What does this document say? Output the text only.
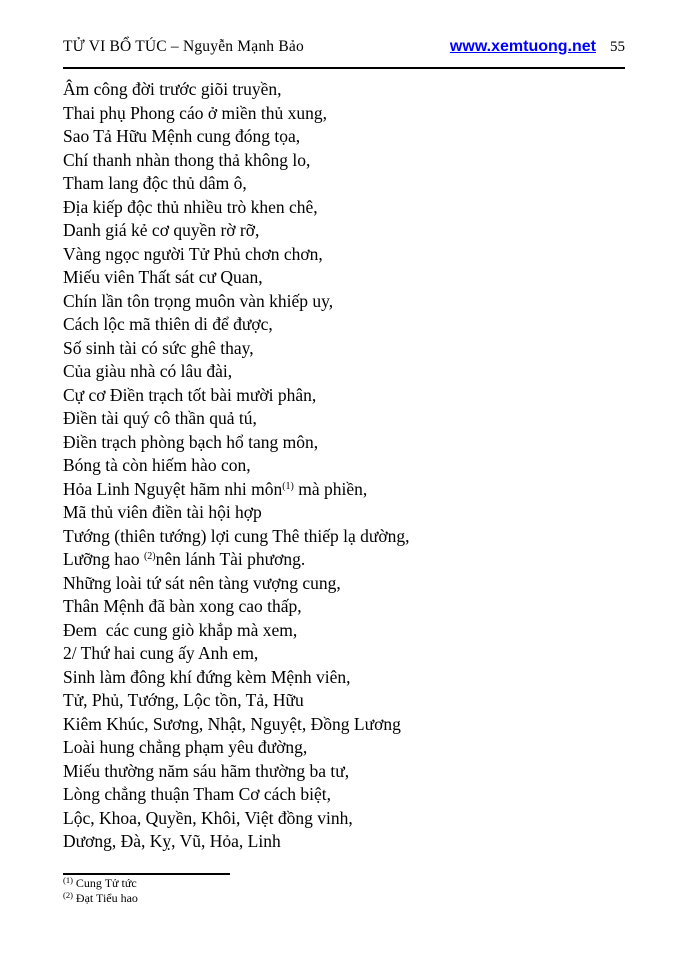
TỬ VI BỔ TÚC – Nguyễn Mạnh Bảo	www.xemtuong.net 55
Âm công đời trước giõi truyền,
Thai phụ Phong cáo ở miền thủ xung,
Sao Tả Hữu Mệnh cung đóng tọa,
Chí thanh nhàn thong thả không lo,
Tham lang độc thủ dâm ô,
Địa kiếp độc thủ nhiều trò khen chê,
Danh giá kẻ cơ quyền rờ rỡ,
Vàng ngọc người Tử Phủ chơn chơn,
Miếu viên Thất sát cư Quan,
Chín lần tôn trọng muôn vàn khiếp uy,
Cách lộc mã thiên di để được,
Số sinh tài có sức ghê thay,
Của giàu nhà có lâu đài,
Cự cơ Điền trạch tốt bài mười phân,
Điền tài quý cô thần quả tú,
Điền trạch phòng bạch hổ tang môn,
Bóng tà còn hiếm hào con,
Hỏa Linh Nguyệt hãm nhi môn$^{(1)}$ mà phiền,
Mã thủ viên điền tài hội hợp
Tướng (thiên tướng) lợi cung Thê thiếp lạ dường,
Lưỡng hao $^{(2)}$nên lánh Tài phương.
Những loài tứ sát nên tàng vượng cung,
Thân Mệnh đã bàn xong cao thấp,
Đem  các cung giò khắp mà xem,
2/ Thứ hai cung ấy Anh em,
Sinh làm đông khí đứng kèm Mệnh viên,
Tử, Phủ, Tướng, Lộc tồn, Tả, Hữu
Kiêm Khúc, Sương, Nhật, Nguyệt, Đồng Lương
Loài hung chẳng phạm yêu đường,
Miếu thường năm sáu hãm thường ba tư,
Lòng chẳng thuận Tham Cơ cách biệt,
Lộc, Khoa, Quyền, Khôi, Việt đồng vinh,
Dương, Đà, Kỵ, Vũ, Hỏa, Linh
$^{(1)}$ Cung Tử tức
$^{(2)}$ Đạt Tiểu hao
